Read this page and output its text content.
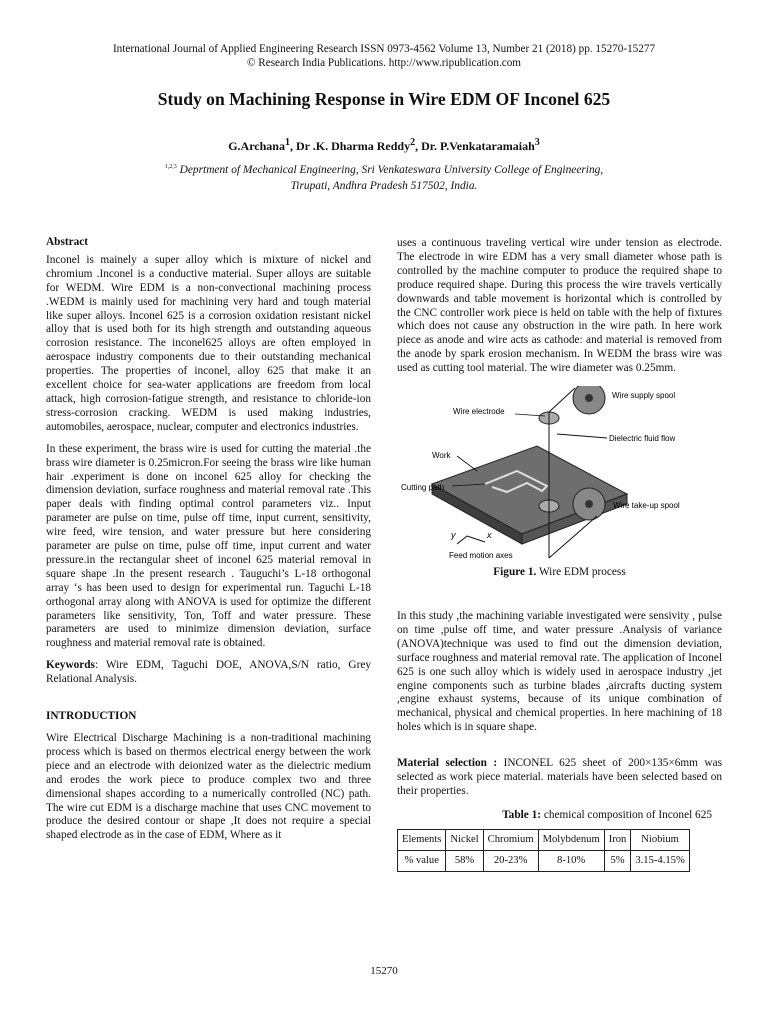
International Journal of Applied Engineering Research ISSN 0973-4562 Volume 13, Number 21 (2018) pp. 15270-15277
© Research India Publications. http://www.ripublication.com
Study on Machining Response in Wire EDM OF Inconel 625
G.Archana$^1$, Dr .K. Dharma Reddy$^2$, Dr. P.Venkataramaiah$^3$
$^{1,2,3}$ Deprtment of Mechanical Engineering, Sri Venkateswara University College of Engineering,
Tirupati, Andhra Pradesh 517502, India.
Abstract

Inconel is mainely a super alloy which is mixture of nickel and chromium .Inconel is a conductive material. Super alloys are suitable for WEDM. Wire EDM is a non-convectional machining process .WEDM is mainly used for machining very hard and tough material like super alloys. Inconel 625 is a corrosion oxidation resistant nickel alloy that is used both for its high strength and outstanding aqueous corrosion resistance. The inconel625 alloys are often employed in aerospace industry components due to their outstanding mechanical properties. The properties of inconel, alloy 625 that make it an excellent choice for sea-water applications are freedom from local attack, high corrosion-fatigue strength, and resistance to chloride-ion stress-corrosion cracking. WEDM is used making industries, automobiles, aerospace, nuclear, computer and electronics industries.

In these experiment, the brass wire is used for cutting the material .the brass wire diameter is 0.25micron.For seeing the brass wire like human hair .experiment is done on inconel 625 alloy for checking the dimension deviation, surface roughness and material removal rate .This paper deals with finding optimal control parameters viz.. Input parameter are pulse on time, pulse off time, input current, sensitivity, wire feed, wire tension, and water pressure but here considering parameter are pulse on time, pulse off time, input current and water pressure.in the rectangular sheet of inconel 625 material removal in square shape .In the present research . Tauguchi’s L-18 orthogonal array ‘s has been used to design for experimental run. Taguchi L-18 orthogonal array along with ANOVA is used for optimize the different parameters like sensitivity, Ton, Toff and water pressure. These parameters are used to minimize dimension deviation, surface roughness and material removal rate is obtained.

Keywords: Wire EDM, Taguchi DOE, ANOVA,S/N ratio, Grey Relational Analysis.

INTRODUCTION

Wire Electrical Discharge Machining is a non-traditional machining process which is based on thermos electrical energy between the work piece and an electrode with deionized water as the dielectric medium and erodes the work piece to produce complex two and three dimensional shapes according to a numerically controlled (NC) path. The wire cut EDM is a discharge machine that uses CNC movement to produce the desired contour or shape ,It does not require a special shaped electrode as in the case of EDM, Where as it

uses a continuous traveling vertical wire under tension as electrode. The electrode in wire EDM has a very small diameter whose path is controlled by the machine computer to produce the required shape to produce required shape. During this process the wire travels vertically downwards and table movement is horizontal which is controlled by the CNC controller work piece is held on table with the help of fixtures which does not cause any obstruction in the wire path. In here work piece as anode and wire acts as cathode: and material is removed from the anode by spark erosion mechanism. In WEDM the brass wire was used as cutting tool material. The wire diameter was 0.25mm.

y	x
Wire supply spool
Wire electrode
Dielectric fluid flow
Work
Cutting path
Wire take-up spool
Feed motion axes

Figure 1. Wire EDM process

In this study ,the machining variable investigated were sensivity , pulse on time ,pulse off time, and water pressure .Analysis of variance (ANOVA)technique was used to find out the dimension deviation, surface roughness and material removal rate. The application of Inconel 625 is one such alloy which is widely used in aerospace industry ,jet engine components such as turbine blades ,aircrafts ducting system ,engine exhaust systems, because of its unique combination of mechanical, physical and chemical properties. In here machining of 18 holes which is in square shape.

Material selection : INCONEL 625 sheet of 200×135×6mm was selected as work piece material. materials have been selected based on their properties.

Table 1: chemical composition of Inconel 625
Elements	Nickel	Chromium	Molybdenum	Iron	Niobium
% value	58%	20-23%	8-10%	5%	3.15-4.15%
15270
